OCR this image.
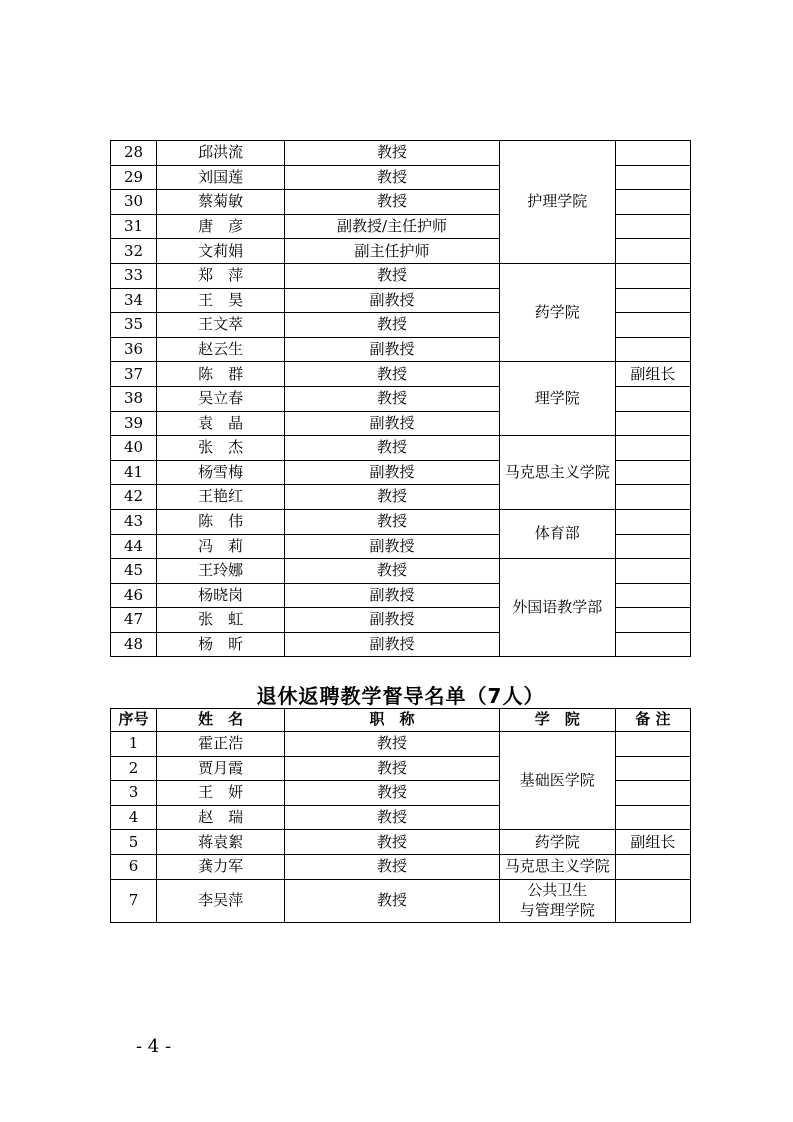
28	邱洪流	教授	护理学院	
29	刘国莲	教授		
30	蔡菊敏	教授		
31	唐　彦	副教授/主任护师		
32	文莉娟	副主任护师		
33	郑　萍	教授	药学院	
34	王　昊	副教授		
35	王文萃	教授		
36	赵云生	副教授		
37	陈　群	教授	理学院	副组长
38	吴立春	教授		
39	袁　晶	副教授		
40	张　杰	教授	马克思主义学院	
41	杨雪梅	副教授		
42	王艳红	教授		
43	陈　伟	教授	体育部	
44	冯　莉	副教授		
45	王玲娜	教授	外国语教学部	
46	杨晓岗	副教授		
47	张　虹	副教授		
48	杨　昕	副教授		
退休返聘教学督导名单（7人）
序号	姓　名	职　称	学　院	备 注
1	霍正浩	教授	基础医学院	
2	贾月霞	教授		
3	王　妍	教授		
4	赵　瑞	教授		
5	蒋袁絮	教授	药学院	副组长
6	龚力军	教授	马克思主义学院	
7	李吴萍	教授	公共卫生
与管理学院	

- 4 -
